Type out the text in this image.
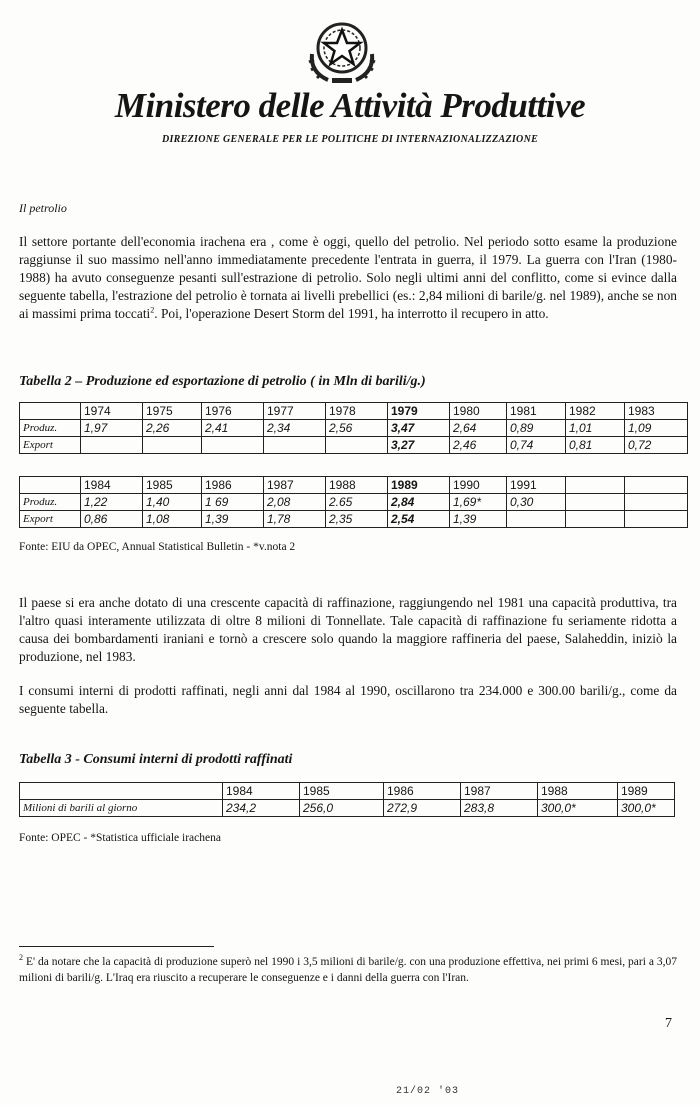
Ministero delle Attività Produttive
DIREZIONE GENERALE PER LE POLITICHE DI INTERNAZIONALIZZAZIONE
Il petrolio
Il settore portante dell'economia irachena era , come è oggi, quello del petrolio. Nel periodo sotto esame la produzione raggiunse il suo massimo nell'anno immediatamente precedente l'entrata in guerra, il 1979. La guerra con l'Iran (1980-1988) ha avuto conseguenze pesanti sull'estrazione di petrolio. Solo negli ultimi anni del conflitto, come si evince dalla seguente tabella, l'estrazione del petrolio è tornata ai livelli prebellici (es.: 2,84 milioni di barile/g. nel 1989), anche se non ai massimi prima toccati$^2$. Poi, l'operazione Desert Storm del 1991, ha interrotto il recupero in atto.
Tabella 2 – Produzione ed esportazione di petrolio ( in Mln di barili/g.)
	1974	1975	1976	1977	1978	1979	1980	1981	1982	1983
Produz.	1,97	2,26	2,41	2,34	2,56	3,47	2,64	0,89	1,01	1,09
Export						3,27	2,46	0,74	0,81	0,72
	1984	1985	1986	1987	1988	1989	1990	1991		
Produz.	1,22	1,40	1 69	2,08	2.65	2,84	1,69*	0,30		
Export	0,86	1,08	1,39	1,78	2,35	2,54	1,39			
Fonte: EIU da OPEC, Annual Statistical Bulletin - *v.nota 2
Il paese si era anche dotato di una crescente capacità di raffinazione, raggiungendo nel 1981 una capacità produttiva, tra l'altro quasi interamente utilizzata di oltre 8 milioni di Tonnellate. Tale capacità di raffinazione fu seriamente ridotta a causa dei bombardamenti iraniani e tornò a crescere solo quando la maggiore raffineria del paese, Salaheddin, iniziò la produzione, nel 1983.
I consumi interni di prodotti raffinati, negli anni dal 1984 al 1990, oscillarono tra 234.000 e 300.00 barili/g., come da seguente tabella.
Tabella 3 - Consumi interni di prodotti raffinati
	1984	1985	1986	1987	1988	1989
Milioni di barili al giorno	234,2	256,0	272,9	283,8	300,0*	300,0*
Fonte: OPEC - *Statistica ufficiale irachena
$^2$ E' da notare che la capacità di produzione superò nel 1990 i 3,5 milioni di barile/g. con una produzione effettiva, nei primi 6 mesi, pari a 3,07 milioni di barili/g. L'Iraq era riuscito a recuperare le conseguenze e i danni della guerra con l'Iran.
7
21/02 '03
